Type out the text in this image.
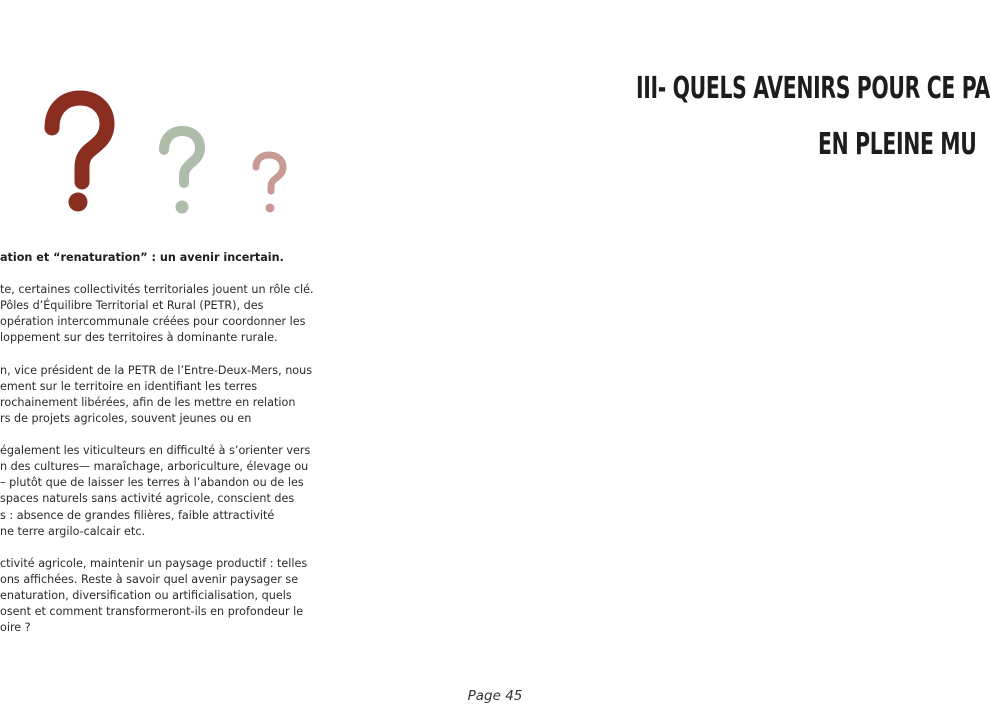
ation et “renaturation” : un avenir incertain.
te, certaines collectivités territoriales jouent un rôle clé.
Pôles d’Équilibre Territorial et Rural (PETR), des
opération intercommunale créées pour coordonner les
loppement sur des territoires à dominante rurale.
n, vice président de la PETR de l’Entre-Deux-Mers, nous
ement sur le territoire en identifiant les terres
rochainement libérées, afin de les mettre en relation
rs de projets agricoles, souvent jeunes ou en
également les viticulteurs en difficulté à s’orienter vers
n des cultures— maraîchage, arboriculture, élevage ou
– plutôt que de laisser les terres à l’abandon ou de les
spaces naturels sans activité agricole, conscient des
s : absence de grandes filières, faible attractivité
ne terre argilo-calcair etc.
ctivité agricole, maintenir un paysage productif : telles
ons affichées. Reste à savoir quel avenir paysager se
enaturation, diversification ou artificialisation, quels
osent et comment transformeront-ils en profondeur le
oire ?
III- QUELS AVENIRS POUR CE PA
EN PLEINE MU
Page 45
